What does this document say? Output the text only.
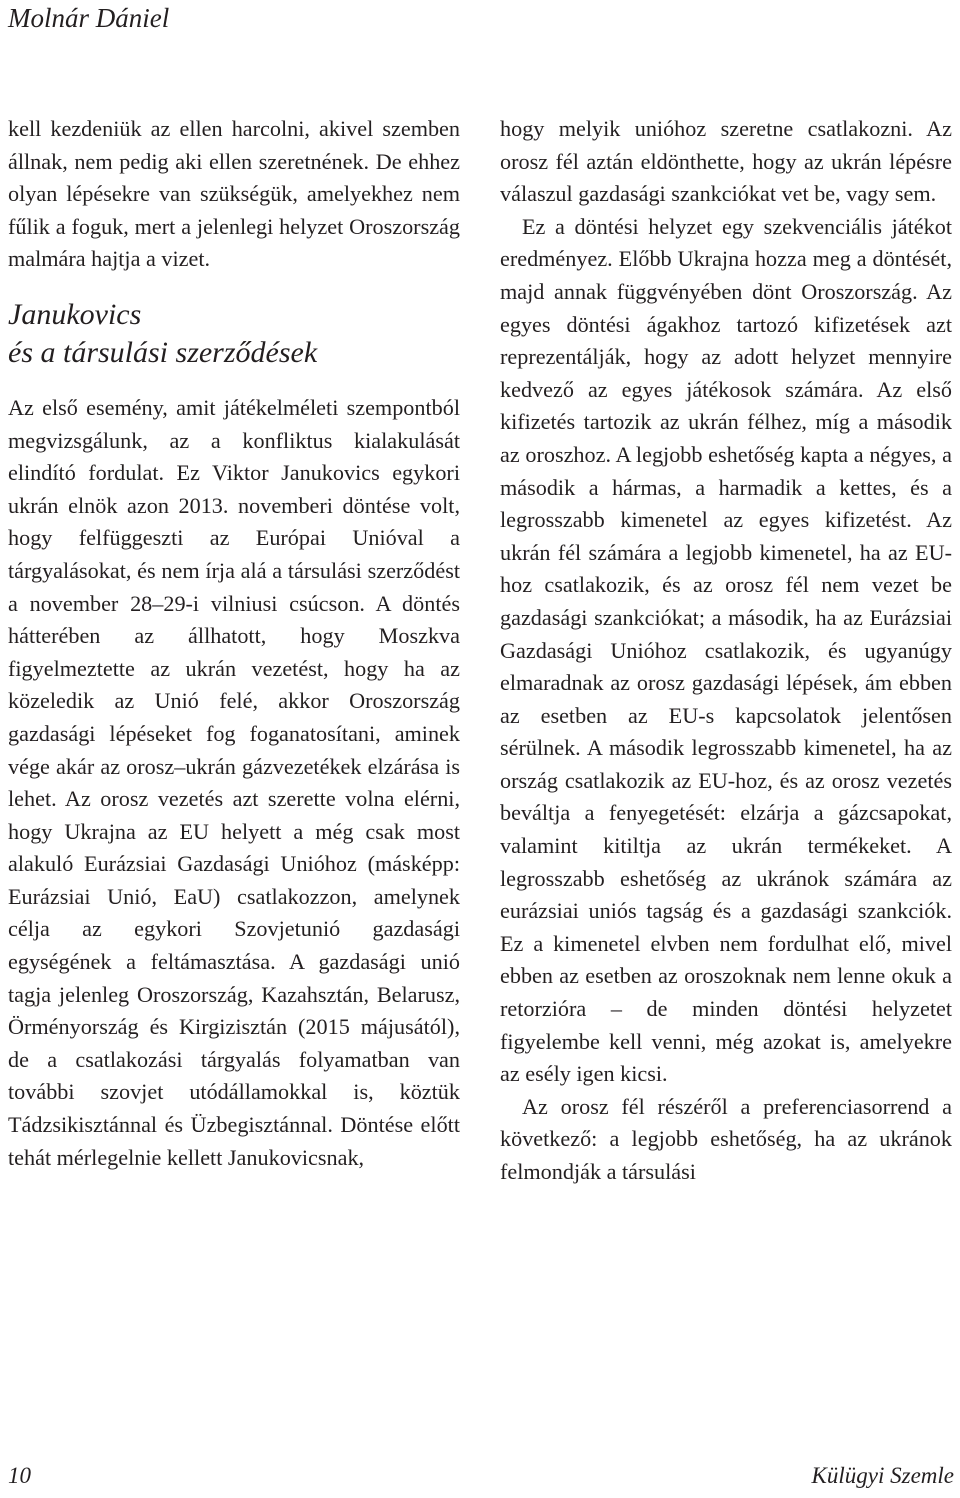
Molnár Dániel

kell kezdeniük az ellen harcolni, akivel szemben állnak, nem pedig aki ellen szeretnének. De ehhez olyan lépésekre van szükségük, amelyekhez nem fűlik a foguk, mert a jelenlegi helyzet Oroszország malmára hajtja a vizet.

Janukovics
és a társulási szerződések

Az első esemény, amit játékelméleti szempontból megvizsgálunk, az a konfliktus kialakulását elindító fordulat. Ez Viktor Janukovics egykori ukrán elnök azon 2013. novemberi döntése volt, hogy felfüggeszti az Európai Unióval a tárgyalásokat, és nem írja alá a társulási szerződést a november 28–29-i vilniusi csúcson. A döntés hátterében az állhatott, hogy Moszkva figyelmeztette az ukrán vezetést, hogy ha az közeledik az Unió felé, akkor Oroszország gazdasági lépéseket fog foganatosítani, aminek vége akár az orosz–ukrán gázvezetékek elzárása is lehet. Az orosz vezetés azt szerette volna elérni, hogy Ukrajna az EU helyett a még csak most alakuló Eurázsiai Gazdasági Unióhoz (másképp: Eurázsiai Unió, EaU) csatlakozzon, amelynek célja az egykori Szovjetunió gazdasági egységének a feltámasztása. A gazdasági unió tagja jelenleg Oroszország, Kazahsztán, Belarusz, Örményország és Kirgizisztán (2015 májusától), de a csatlakozási tárgyalás folyamatban van további szovjet utódállamokkal is, köztük Tádzsikisztánnal és Üzbegisztánnal. Döntése előtt tehát mérlegelnie kellett Janukovicsnak,

hogy melyik unióhoz szeretne csatlakozni. Az orosz fél aztán eldönthette, hogy az ukrán lépésre válaszul gazdasági szankciókat vet be, vagy sem.

Ez a döntési helyzet egy szekvenciális játékot eredményez. Előbb Ukrajna hozza meg a döntését, majd annak függvényében dönt Oroszország. Az egyes döntési ágakhoz tartozó kifizetések azt reprezentálják, hogy az adott helyzet mennyire kedvező az egyes játékosok számára. Az első kifizetés tartozik az ukrán félhez, míg a második az oroszhoz. A legjobb eshetőség kapta a négyes, a második a hármas, a harmadik a kettes, és a legrosszabb kimenetel az egyes kifizetést. Az ukrán fél számára a legjobb kimenetel, ha az EU-hoz csatlakozik, és az orosz fél nem vezet be gazdasági szankciókat; a második, ha az Eurázsiai Gazdasági Unióhoz csatlakozik, és ugyanúgy elmaradnak az orosz gazdasági lépések, ám ebben az esetben az EU-s kapcsolatok jelentősen sérülnek. A második legrosszabb kimenetel, ha az ország csatlakozik az EU-hoz, és az orosz vezetés beváltja a fenyegetését: elzárja a gázcsapokat, valamint kitiltja az ukrán termékeket. A legrosszabb eshetőség az ukránok számára az eurázsiai uniós tagság és a gazdasági szankciók. Ez a kimenetel elvben nem fordulhat elő, mivel ebben az esetben az oroszoknak nem lenne okuk a retorzióra – de minden döntési helyzetet figyelembe kell venni, még azokat is, amelyekre az esély igen kicsi.

Az orosz fél részéről a preferenciasorrend a következő: a legjobb eshetőség, ha az ukránok felmondják a társulási

10	Külügyi Szemle
